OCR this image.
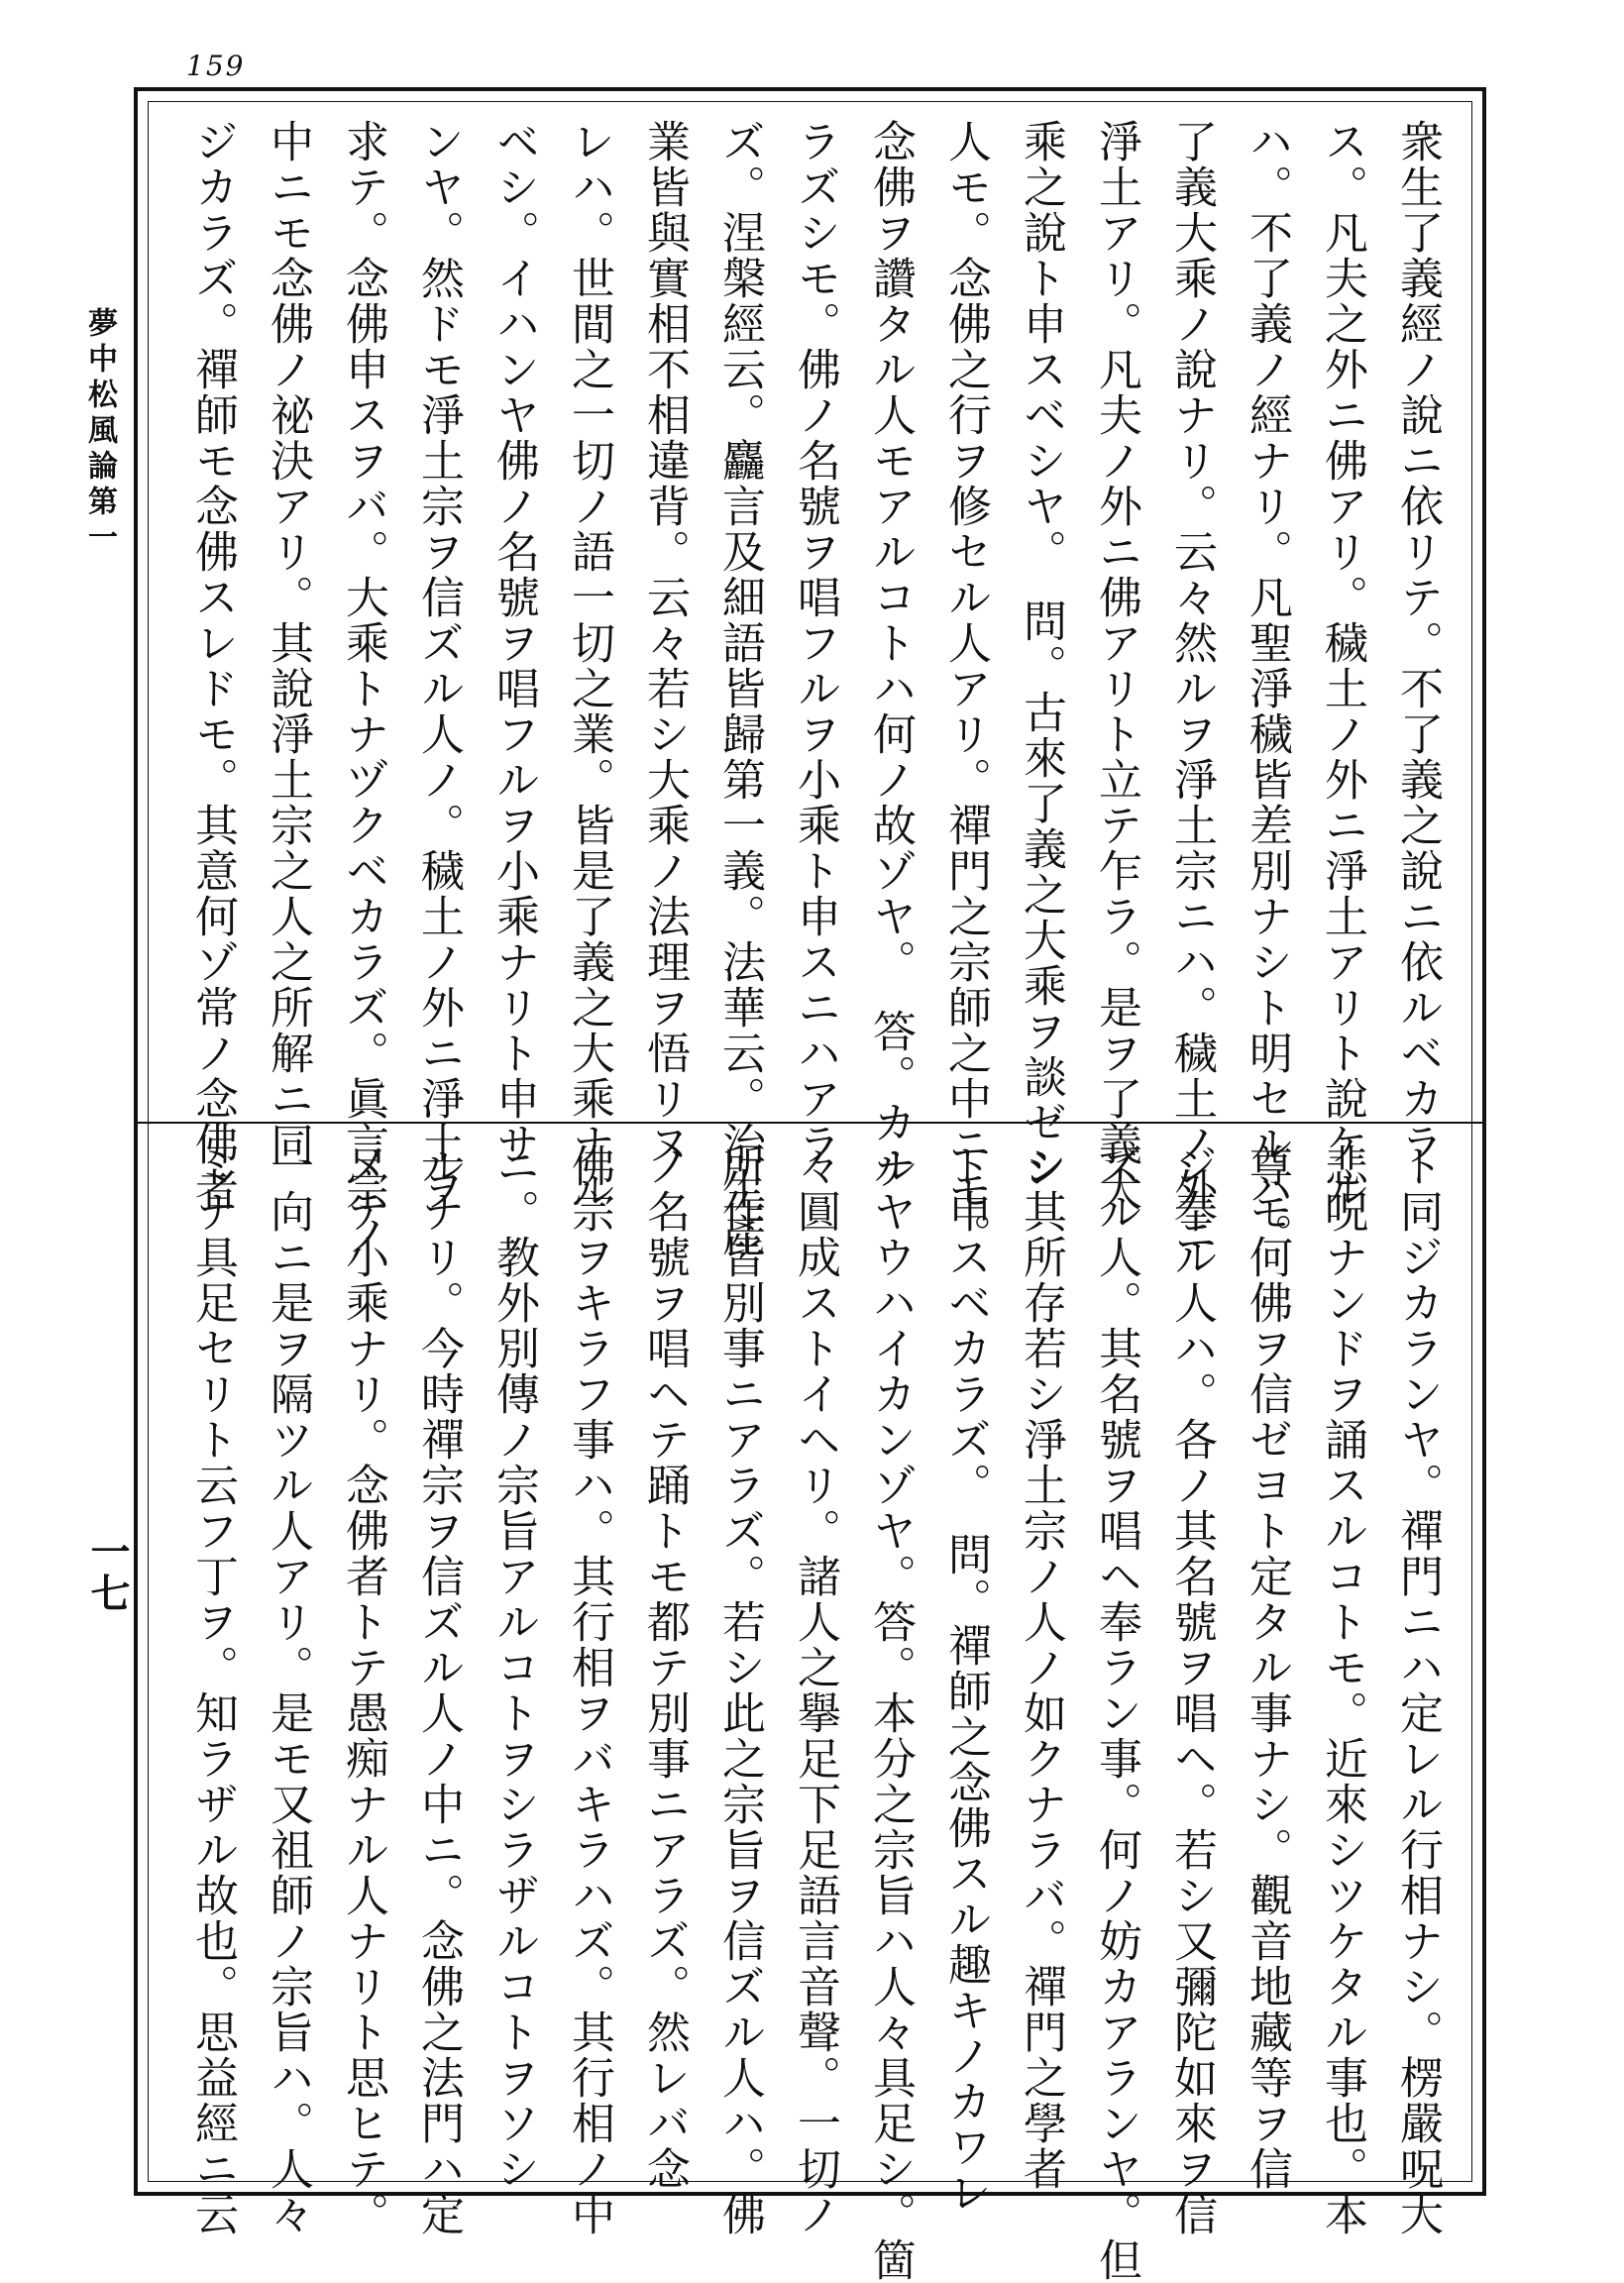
159
衆生了義經ノ說ニ依リテ。不了義之說ニ依ルベカラ
ス。凡夫之外ニ佛アリ。穢土ノ外ニ淨土アリト說ケル
ハ。不了義ノ經ナリ。凡聖淨穢皆差別ナシト明セルハ。
了義大乘ノ說ナリ。云々然ルヲ淨土宗ニハ。穢土ノ外ニ
淨土アリ。凡夫ノ外ニ佛アリト立テ乍ラ。是ヲ了義大
乘之說ト申スベシヤ。　問。古來了義之大乘ヲ談ゼシ
人モ。念佛之行ヲ修セル人アリ。禪門之宗師之中ニモ。
念佛ヲ讚タル人モアルコトハ何ノ故ゾヤ。　答。カナ
ラズシモ。佛ノ名號ヲ唱フルヲ小乘ト申スニハアラ
ズ。涅槃經云。麤言及細語皆歸第一義。法華云。治生產
業皆與實相不相違背。云々若シ大乘ノ法理ヲ悟リヌ
レハ。世間之一切ノ語一切之業。皆是了義之大乘ナル
ベシ。イハンヤ佛ノ名號ヲ唱フルヲ小乘ナリト申サ
ンヤ。然ドモ淨土宗ヲ信ズル人ノ。穢土ノ外ニ淨土ヲ
求テ。念佛申スヲバ。大乘トナヅクベカラズ。眞言宗ノ
中ニモ念佛ノ祕決アリ。其說淨土宗之人之所解ニ同
ジカラズ。禪師モ念佛スレドモ。其意何ゾ常ノ念佛者
ト同ジカランヤ。禪門ニハ定レル行相ナシ。楞嚴呪大
悲呪ナンドヲ誦スルコトモ。近來シツケタル事也。本
尊モ何佛ヲ信ゼヨト定タル事ナシ。觀音地藏等ヲ信
ジ奉ル人ハ。各ノ其名號ヲ唱ヘ。若シ又彌陀如來ヲ信
ズル人。其名號ヲ唱ヘ奉ラン事。何ノ妨カアランヤ。但
シ其所存若シ淨土宗ノ人ノ如クナラバ。禪門之學者
ト申スベカラズ。　問。禪師之念佛スル趣キノカワレ
ルヤウハイカンゾヤ。答。本分之宗旨ハ人々具足シ。箇
々圓成ストイヘリ。諸人之擧足下足語言音聲。一切ノ
所作皆別事ニアラズ。若シ此之宗旨ヲ信ズル人ハ。佛
ノ名號ヲ唱ヘテ踊トモ都テ別事ニアラズ。然レバ念
佛宗ヲキラフ事ハ。其行相ヲバキラハズ。其行相ノ中
ニ。教外別傳ノ宗旨アルコトヲシラザルコトヲソシ
ルナリ。今時禪宗ヲ信ズル人ノ中ニ。念佛之法門ハ定
メテ小乘ナリ。念佛者トテ愚痴ナル人ナリト思ヒテ。
一向ニ是ヲ隔ツル人アリ。是モ又祖師ノ宗旨ハ。人々
ミナ具足セリト云フ丁ヲ。知ラザル故也。思益經ニ云
夢中松風論第一
一七
